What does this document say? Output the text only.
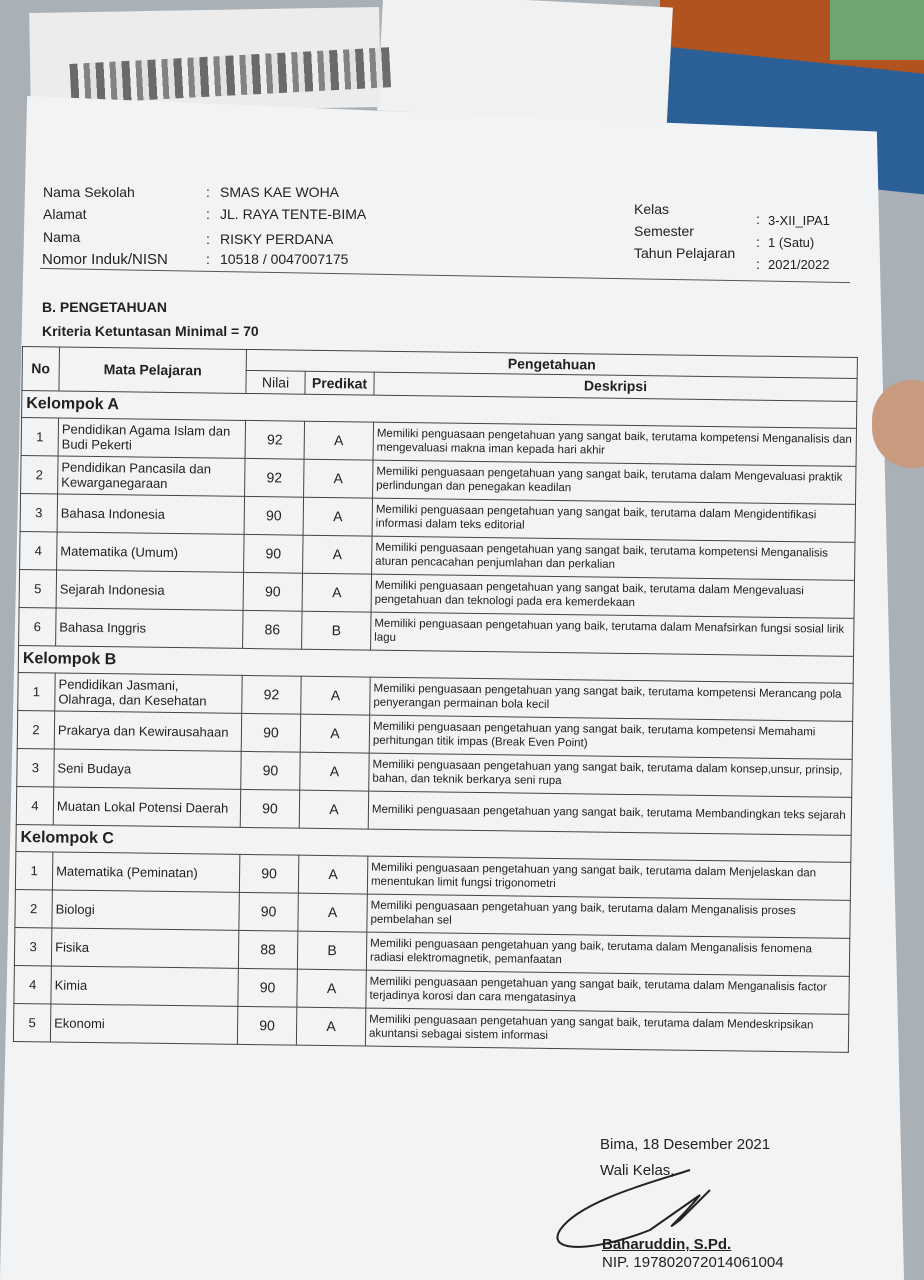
Nama Sekolah	: SMAS KAE WOHA
Alamat	: JL. RAYA TENTE-BIMA
Nama	: RISKY PERDANA
Nomor Induk/NISN	: 10518 / 0047007175
Kelas
: 3-XII_IPA1
Semester
: 1 (Satu)
Tahun Pelajaran
: 2021/2022
B. PENGETAHUAN
Kriteria Ketuntasan Minimal = 70
No	Mata Pelajaran	Pengetahuan		
		Nilai	Predikat	Deskripsi
Kelompok A				
1	Pendidikan Agama Islam dan Budi Pekerti	92	A	Memiliki penguasaan pengetahuan yang sangat baik, terutama kompetensi Menganalisis dan mengevaluasi makna iman kepada hari akhir
2	Pendidikan Pancasila dan Kewarganegaraan	92	A	Memiliki penguasaan pengetahuan yang sangat baik, terutama dalam Mengevaluasi praktik perlindungan dan penegakan keadilan
3	Bahasa Indonesia	90	A	Memiliki penguasaan pengetahuan yang sangat baik, terutama dalam Mengidentifikasi informasi dalam teks editorial
4	Matematika (Umum)	90	A	Memiliki penguasaan pengetahuan yang sangat baik, terutama kompetensi Menganalisis aturan pencacahan penjumlahan dan perkalian
5	Sejarah Indonesia	90	A	Memiliki penguasaan pengetahuan yang sangat baik, terutama dalam Mengevaluasi pengetahuan dan teknologi pada era kemerdekaan
6	Bahasa Inggris	86	B	Memiliki penguasaan pengetahuan yang baik, terutama dalam Menafsirkan fungsi sosial lirik lagu
Kelompok B				
1	Pendidikan Jasmani, Olahraga, dan Kesehatan	92	A	Memiliki penguasaan pengetahuan yang sangat baik, terutama kompetensi Merancang pola penyerangan permainan bola kecil
2	Prakarya dan Kewirausahaan	90	A	Memiliki penguasaan pengetahuan yang sangat baik, terutama kompetensi Memahami perhitungan titik impas (Break Even Point)
3	Seni Budaya	90	A	Memiliki penguasaan pengetahuan yang sangat baik, terutama dalam konsep,unsur, prinsip, bahan, dan teknik berkarya seni rupa
4	Muatan Lokal Potensi Daerah	90	A	Memiliki penguasaan pengetahuan yang sangat baik, terutama Membandingkan teks sejarah
Kelompok C				
1	Matematika (Peminatan)	90	A	Memiliki penguasaan pengetahuan yang sangat baik, terutama dalam Menjelaskan dan menentukan limit fungsi trigonometri
2	Biologi	90	A	Memiliki penguasaan pengetahuan yang baik, terutama dalam Menganalisis proses pembelahan sel
3	Fisika	88	B	Memiliki penguasaan pengetahuan yang baik, terutama dalam Menganalisis fenomena radiasi elektromagnetik, pemanfaatan
4	Kimia	90	A	Memiliki penguasaan pengetahuan yang sangat baik, terutama dalam Menganalisis factor terjadinya korosi dan cara mengatasinya
5	Ekonomi	90	A	Memiliki penguasaan pengetahuan yang sangat baik, terutama dalam Mendeskripsikan akuntansi sebagai sistem informasi
Bima, 18 Desember 2021
Wali Kelas,
Baharuddin, S.Pd.
NIP. 197802072014061004
